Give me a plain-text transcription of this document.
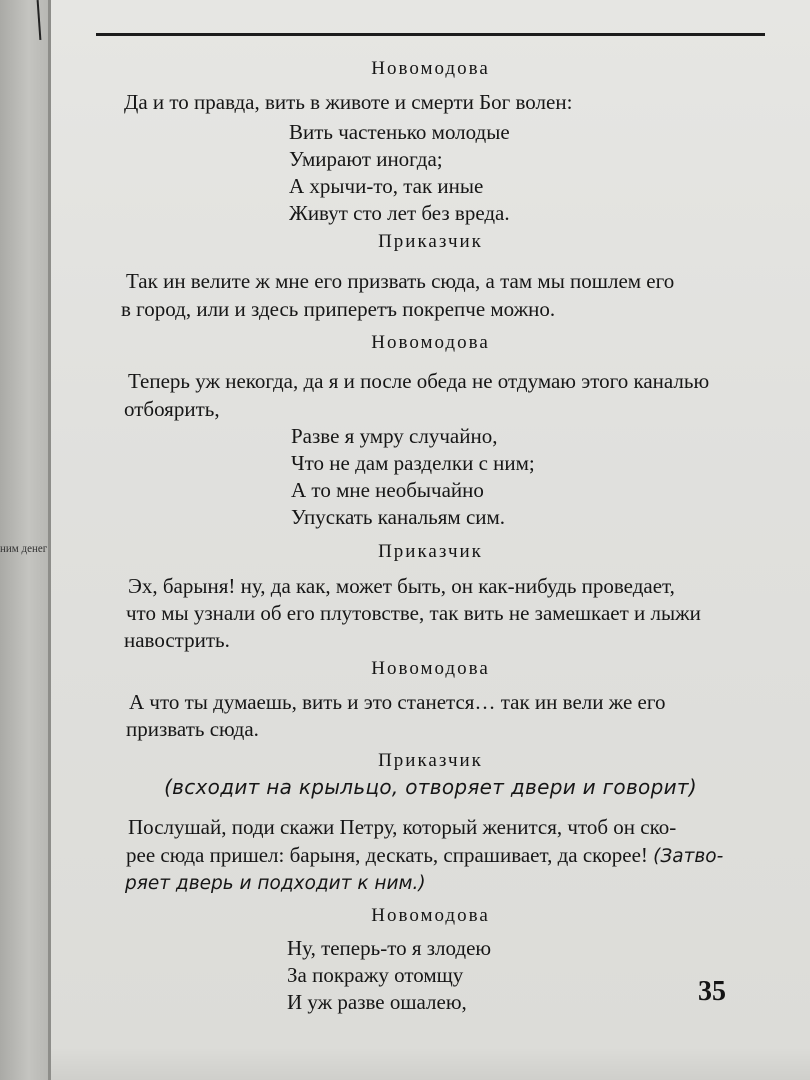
ним денег
Новомодова
Да и то правда, вить в животе и смерти Бог волен:
Вить частенько молодые
Умирают иногда;
А хрычи-то, так иные
Живут сто лет без вреда.
Приказчик
Так ин велите ж мне его призвать сюда, а там мы пошлем его
в город, или и здесь приперетъ покрепче можно.
Новомодова
Теперь уж некогда, да я и после обеда не отдумаю этого каналью
отбоярить,
Разве я умру случайно,
Что не дам разделки с ним;
А то мне необычайно
Упускать канальям сим.
Приказчик
Эх, барыня! ну, да как, может быть, он как-нибудь проведает,
что мы узнали об его плутовстве, так вить не замешкает и лыжи
навострить.
Новомодова
А что ты думаешь, вить и это станется… так ин вели же его
призвать сюда.
Приказчик
(всходит на крыльцо, отворяет двери и говорит)
Послушай, поди скажи Петру, который женится, чтоб он ско-
рее сюда пришел: барыня, дескать, спрашивает, да скорее! (Затво-
ряет дверь и подходит к ним.)
Новомодова
Ну, теперь-то я злодею
За покражу отомщу
И уж разве ошалею,	35
